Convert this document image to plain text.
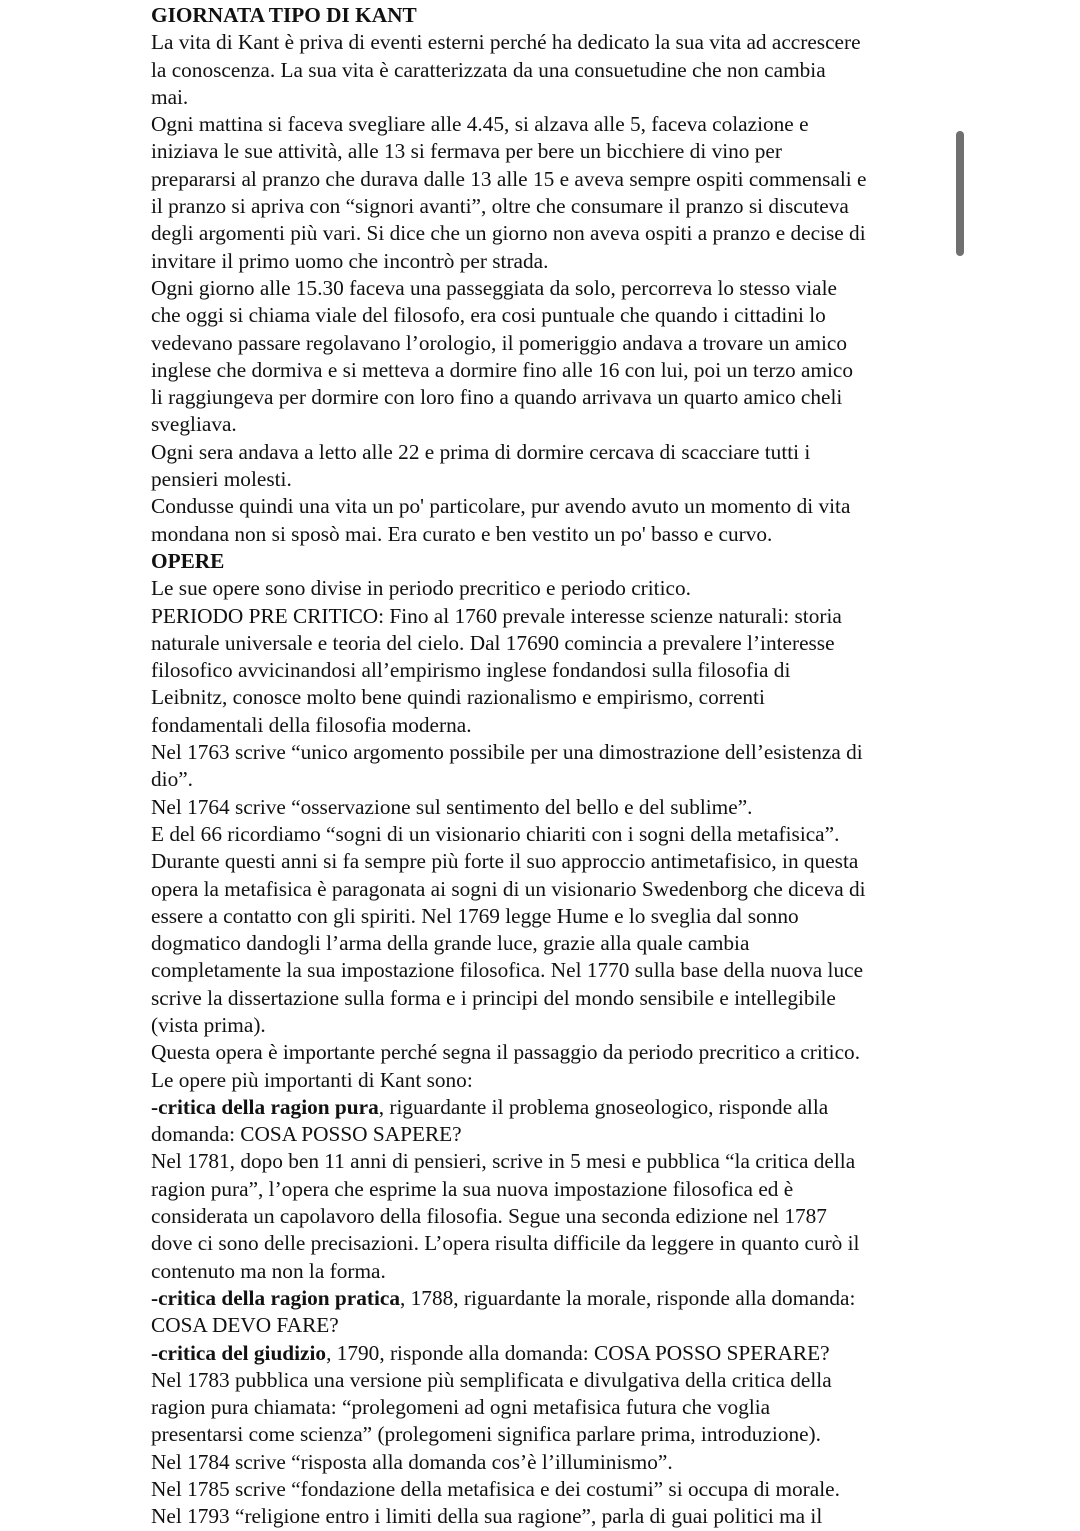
GIORNATA TIPO DI KANT
La vita di Kant è priva di eventi esterni perché ha dedicato la sua vita ad accrescere
la conoscenza. La sua vita è caratterizzata da una consuetudine che non cambia
mai.
Ogni mattina si faceva svegliare alle 4.45, si alzava alle 5, faceva colazione e
iniziava le sue attività, alle 13 si fermava per bere un bicchiere di vino per
prepararsi al pranzo che durava dalle 13 alle 15 e aveva sempre ospiti commensali e
il pranzo si apriva con “signori avanti”, oltre che consumare il pranzo si discuteva
degli argomenti più vari. Si dice che un giorno non aveva ospiti a pranzo e decise di
invitare il primo uomo che incontrò per strada.
Ogni giorno alle 15.30 faceva una passeggiata da solo, percorreva lo stesso viale
che oggi si chiama viale del filosofo, era cosi puntuale che quando i cittadini lo
vedevano passare regolavano l’orologio, il pomeriggio andava a trovare un amico
inglese che dormiva e si metteva a dormire fino alle 16 con lui, poi un terzo amico
li raggiungeva per dormire con loro fino a quando arrivava un quarto amico cheli
svegliava.
Ogni sera andava a letto alle 22 e prima di dormire cercava di scacciare tutti i
pensieri molesti.
Condusse quindi una vita un po' particolare, pur avendo avuto un momento di vita
mondana non si sposò mai. Era curato e ben vestito un po' basso e curvo.
OPERE
Le sue opere sono divise in periodo precritico e periodo critico.
PERIODO PRE CRITICO: Fino al 1760 prevale interesse scienze naturali: storia
naturale universale e teoria del cielo. Dal 17690 comincia a prevalere l’interesse
filosofico avvicinandosi all’empirismo inglese fondandosi sulla filosofia di
Leibnitz, conosce molto bene quindi razionalismo e empirismo, correnti
fondamentali della filosofia moderna.
Nel 1763 scrive “unico argomento possibile per una dimostrazione dell’esistenza di
dio”.
Nel 1764 scrive “osservazione sul sentimento del bello e del sublime”.
E del 66 ricordiamo “sogni di un visionario chiariti con i sogni della metafisica”.
Durante questi anni si fa sempre più forte il suo approccio antimetafisico, in questa
opera la metafisica è paragonata ai sogni di un visionario Swedenborg che diceva di
essere a contatto con gli spiriti. Nel 1769 legge Hume e lo sveglia dal sonno
dogmatico dandogli l’arma della grande luce, grazie alla quale cambia
completamente la sua impostazione filosofica. Nel 1770 sulla base della nuova luce
scrive la dissertazione sulla forma e i principi del mondo sensibile e intellegibile
(vista prima).
Questa opera è importante perché segna il passaggio da periodo precritico a critico.
Le opere più importanti di Kant sono:
-critica della ragion pura, riguardante il problema gnoseologico, risponde alla
domanda: COSA POSSO SAPERE?
Nel 1781, dopo ben 11 anni di pensieri, scrive in 5 mesi e pubblica “la critica della
ragion pura”, l’opera che esprime la sua nuova impostazione filosofica ed è
considerata un capolavoro della filosofia. Segue una seconda edizione nel 1787
dove ci sono delle precisazioni. L’opera risulta difficile da leggere in quanto curò il
contenuto ma non la forma.
-critica della ragion pratica, 1788, riguardante la morale, risponde alla domanda:
COSA DEVO FARE?
-critica del giudizio, 1790, risponde alla domanda: COSA POSSO SPERARE?
Nel 1783 pubblica una versione più semplificata e divulgativa della critica della
ragion pura chiamata: “prolegomeni ad ogni metafisica futura che voglia
presentarsi come scienza” (prolegomeni significa parlare prima, introduzione).
Nel 1784 scrive “risposta alla domanda cos’è l’illuminismo”.
Nel 1785 scrive “fondazione della metafisica e dei costumi” si occupa di morale.
Nel 1793 “religione entro i limiti della sua ragione”, parla di guai politici ma il
